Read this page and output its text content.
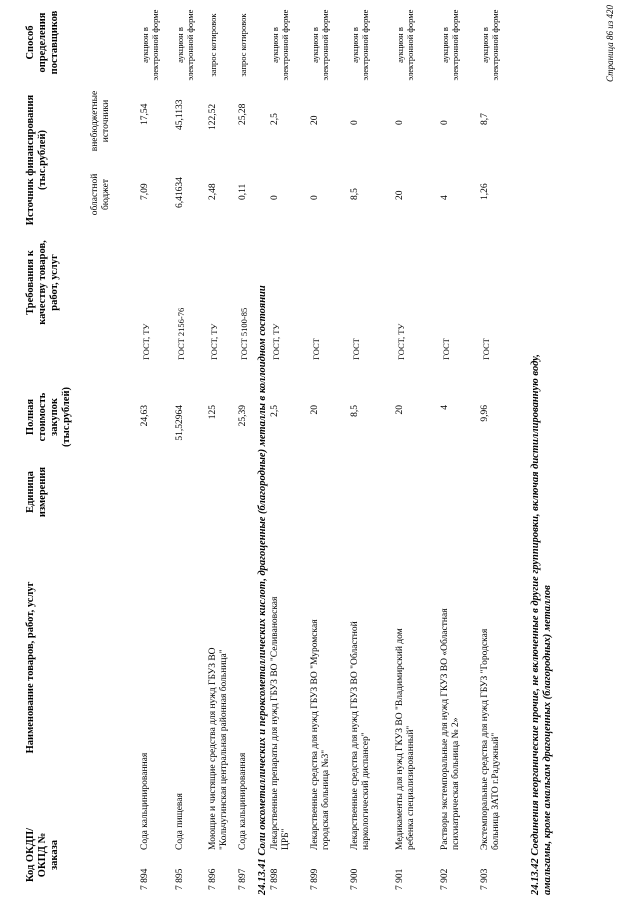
Код ОКДП/ ОКПД № заказа
Наименование товаров, работ, услуг
Единица измерения
Полная стоимость закупок (тыс.рублей)
Требования к качеству товаров, работ, услуг
Источник финансирования (тыс.рублей)
областной бюджет
внебюджетные источники
Способ определения поставщиков
7 894
Сода кальцинированная
24,63
ГОСТ, ТУ
7,09
17,54
аукцион в электронной форме
7 895
Сода пищевая
51,52964
ГОСТ 2156-76
6,41634
45,1133
аукцион в электронной форме
7 896
Моющие и чистящие средства для нужд ГБУЗ ВО "Кольчугинская центральная районная больница"
125
ГОСТ, ТУ
2,48
122,52
запрос котировок
7 897
Сода кальцинированная
25,39
ГОСТ 5100-85
0,11
25,28
запрос котировок
24.13.41 Соли оксометаллических и пероксометаллических кислот, драгоценные (благородные) металлы в коллоидном состоянии
7 898
Лекарственные препараты для нужд ГБУЗ ВО "Селивановская ЦРБ"
2,5
ГОСТ, ТУ
0
2,5
аукцион в электронной форме
7 899
Лекарственные средства для нужд ГБУЗ ВО "Муромская городская больница №3"
20
ГОСТ
0
20
аукцион в электронной форме
7 900
Лекарственные средства для нужд ГБУЗ ВО "Областной наркологический диспансер"
8,5
ГОСТ
8,5
0
аукцион в электронной форме
7 901
Медикаменты для нужд ГКУЗ ВО "Владимирский дом ребенка специализированный"
20
ГОСТ, ТУ
20
0
аукцион в электронной форме
7 902
Растворы экстемпоральные для нужд ГКУЗ ВО «Областная психиатрическая больница № 2»
4
ГОСТ
4
0
аукцион в электронной форме
7 903
Экстемпоральные средства для нужд ГБУЗ "Городская больница ЗАТО г.Радужный"
9,96
ГОСТ
1,26
8,7
аукцион в электронной форме
24.13.42 Соединения неорганические прочие, не включенные в другие группировки, включая дистиллированную воду, амальгамы, кроме амальгам драгоценных (благородных) металлов
Страница 86 из 420
